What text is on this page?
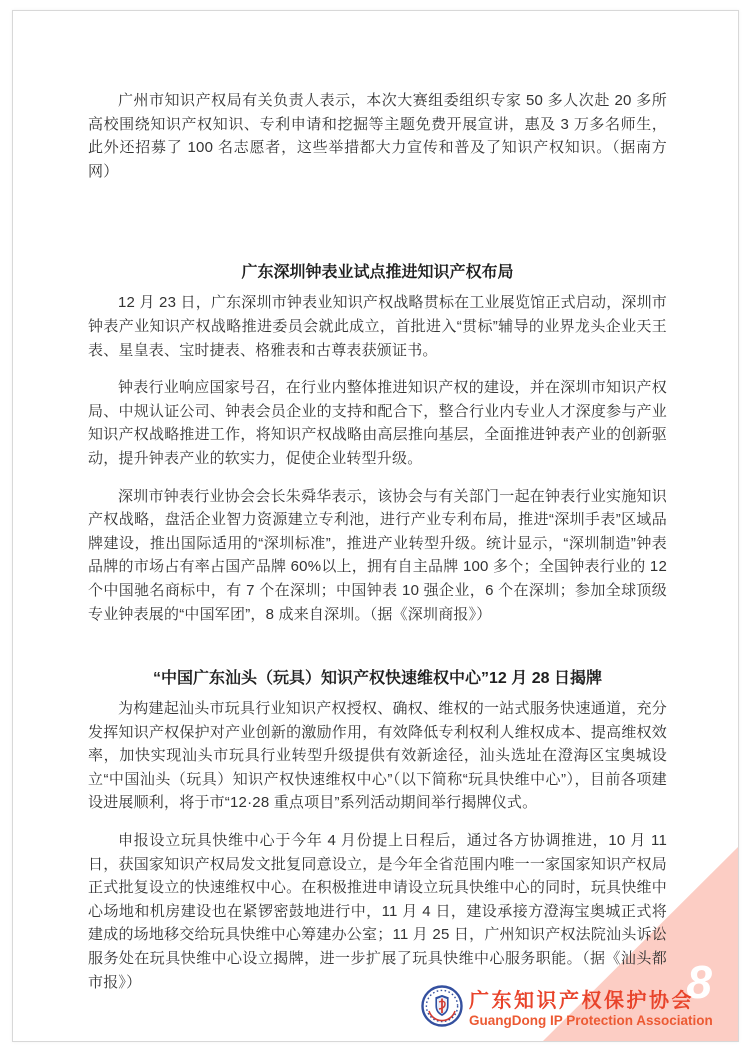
广州市知识产权局有关负责人表示，本次大赛组委组织专家 50 多人次赴 20 多所高校围绕知识产权知识、专利申请和挖掘等主题免费开展宣讲，惠及 3 万多名师生，此外还招募了 100 名志愿者，这些举措都大力宣传和普及了知识产权知识。（据南方网）

广东深圳钟表业试点推进知识产权布局

12 月 23 日，广东深圳市钟表业知识产权战略贯标在工业展览馆正式启动，深圳市钟表产业知识产权战略推进委员会就此成立，首批进入“贯标”辅导的业界龙头企业天王表、星皇表、宝时捷表、格雅表和古尊表获颁证书。

钟表行业响应国家号召，在行业内整体推进知识产权的建设，并在深圳市知识产权局、中规认证公司、钟表会员企业的支持和配合下，整合行业内专业人才深度参与产业知识产权战略推进工作，将知识产权战略由高层推向基层，全面推进钟表产业的创新驱动，提升钟表产业的软实力，促使企业转型升级。

深圳市钟表行业协会会长朱舜华表示，该协会与有关部门一起在钟表行业实施知识产权战略，盘活企业智力资源建立专利池，进行产业专利布局，推进“深圳手表”区域品牌建设，推出国际适用的“深圳标准”，推进产业转型升级。统计显示，“深圳制造”钟表品牌的市场占有率占国产品牌 60%以上，拥有自主品牌 100 多个；全国钟表行业的 12 个中国驰名商标中，有 7 个在深圳；中国钟表 10 强企业，6 个在深圳；参加全球顶级专业钟表展的“中国军团”，8 成来自深圳。（据《深圳商报》）

“中国广东汕头（玩具）知识产权快速维权中心”12 月 28 日揭牌

为构建起汕头市玩具行业知识产权授权、确权、维权的一站式服务快速通道，充分发挥知识产权保护对产业创新的激励作用，有效降低专利权利人维权成本、提高维权效率，加快实现汕头市玩具行业转型升级提供有效新途径，汕头选址在澄海区宝奥城设立“中国汕头（玩具）知识产权快速维权中心”（以下简称“玩具快维中心”），目前各项建设进展顺利，将于市“12·28 重点项目”系列活动期间举行揭牌仪式。

申报设立玩具快维中心于今年 4 月份提上日程后，通过各方协调推进，10 月 11 日，获国家知识产权局发文批复同意设立，是今年全省范围内唯一一家国家知识产权局正式批复设立的快速维权中心。在积极推进申请设立玩具快维中心的同时，玩具快维中心场地和机房建设也在紧锣密鼓地进行中，11 月 4 日，建设承接方澄海宝奥城正式将建成的场地移交给玩具快维中心筹建办公室；11 月 25 日，广州知识产权法院汕头诉讼服务处在玩具快维中心设立揭牌，进一步扩展了玩具快维中心服务职能。（据《汕头都市报》）	8
广东知识产权保护协会
GuangDong IP Protection Association
